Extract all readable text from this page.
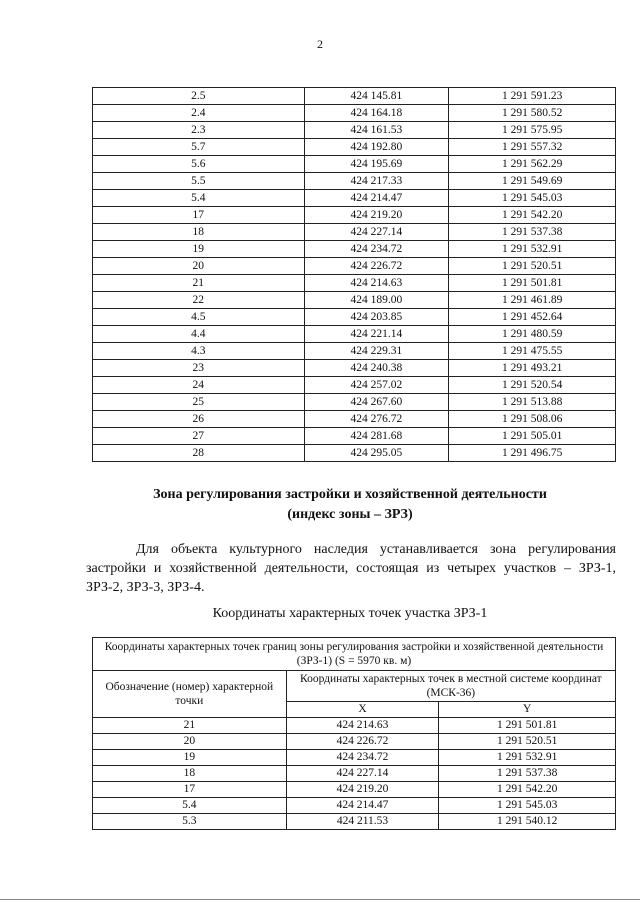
2
2.5	424 145.81	1 291 591.23
2.4	424 164.18	1 291 580.52
2.3	424 161.53	1 291 575.95
5.7	424 192.80	1 291 557.32
5.6	424 195.69	1 291 562.29
5.5	424 217.33	1 291 549.69
5.4	424 214.47	1 291 545.03
17	424 219.20	1 291 542.20
18	424 227.14	1 291 537.38
19	424 234.72	1 291 532.91
20	424 226.72	1 291 520.51
21	424 214.63	1 291 501.81
22	424 189.00	1 291 461.89
4.5	424 203.85	1 291 452.64
4.4	424 221.14	1 291 480.59
4.3	424 229.31	1 291 475.55
23	424 240.38	1 291 493.21
24	424 257.02	1 291 520.54
25	424 267.60	1 291 513.88
26	424 276.72	1 291 508.06
27	424 281.68	1 291 505.01
28	424 295.05	1 291 496.75
Зона регулирования застройки и хозяйственной деятельности
(индекс зоны – ЗРЗ)
Для объекта культурного наследия устанавливается зона регулирования застройки и хозяйственной деятельности, состоящая из четырех участков – ЗРЗ-1, ЗРЗ-2, ЗРЗ-3, ЗРЗ-4.
Координаты характерных точек участка ЗРЗ-1
Координаты характерных точек границ зоны регулирования застройки и хозяйственной деятельности (ЗРЗ-1) (S = 5970 кв. м)		
Обозначение (номер) характерной точки	Координаты характерных точек в местной системе координат (МСК-36)	
	X	Y
21	424 214.63	1 291 501.81
20	424 226.72	1 291 520.51
19	424 234.72	1 291 532.91
18	424 227.14	1 291 537.38
17	424 219.20	1 291 542.20
5.4	424 214.47	1 291 545.03
5.3	424 211.53	1 291 540.12
